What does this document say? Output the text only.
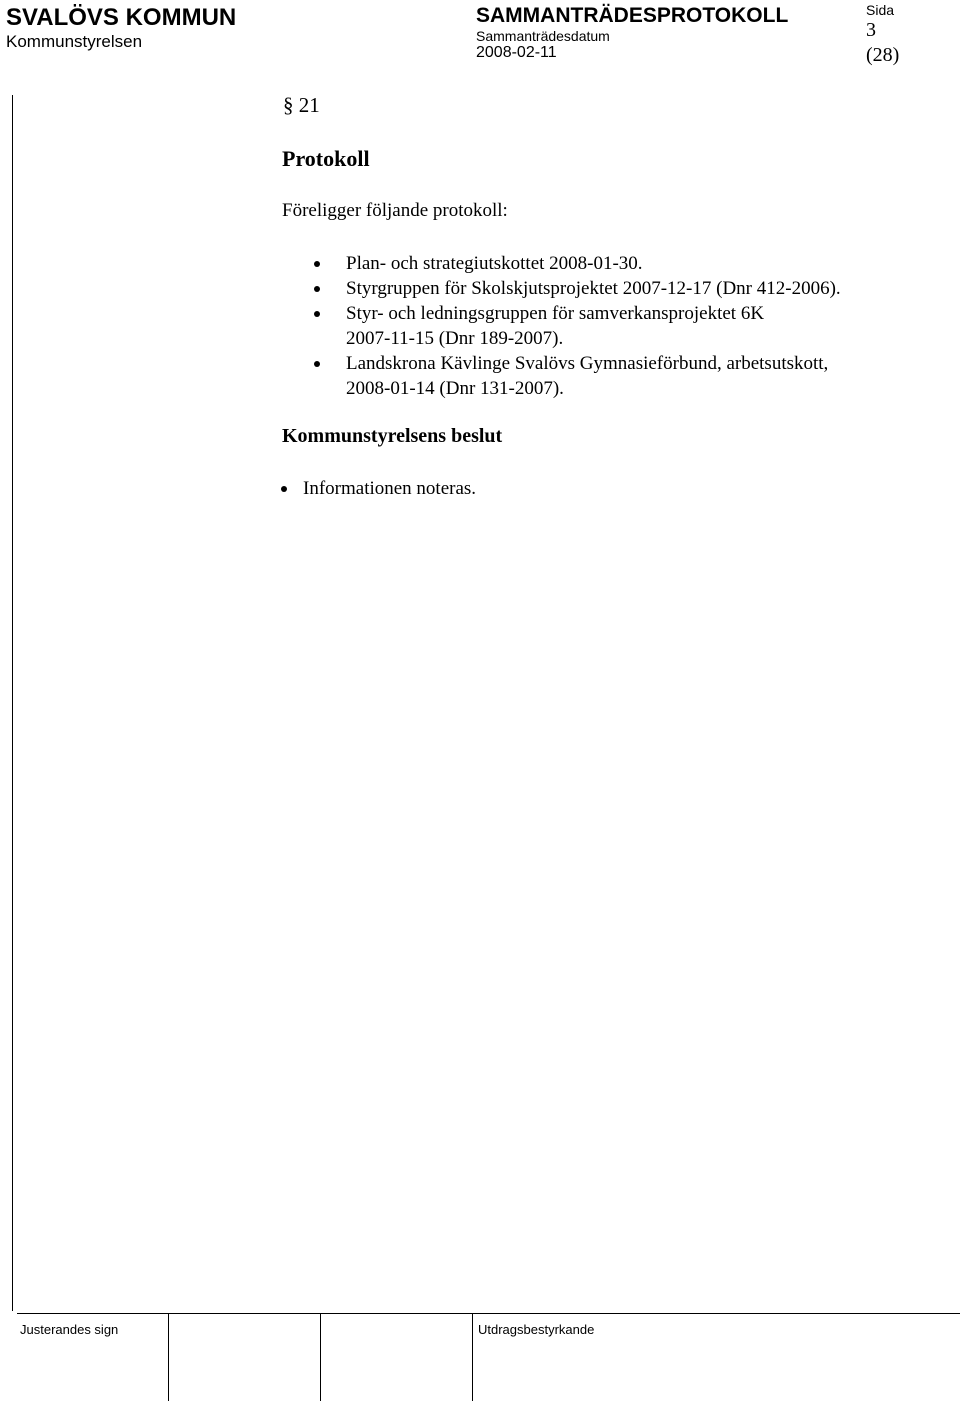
SVALÖVS KOMMUN
Kommunstyrelsen
SAMMANTRÄDESPROTOKOLL
Sammanträdesdatum
2008-02-11
Sida
3
(28)
§ 21
Protokoll
Föreligger följande protokoll:
Plan- och strategiutskottet 2008-01-30.
Styrgruppen för Skolskjutsprojektet 2007-12-17 (Dnr 412-2006).
Styr- och ledningsgruppen för samverkansprojektet 6K
2007-11-15 (Dnr 189-2007).
Landskrona Kävlinge Svalövs Gymnasieförbund, arbetsutskott,
2008-01-14 (Dnr 131-2007).
Kommunstyrelsens beslut
Informationen noteras.
Justerandes sign	Utdragsbestyrkande
